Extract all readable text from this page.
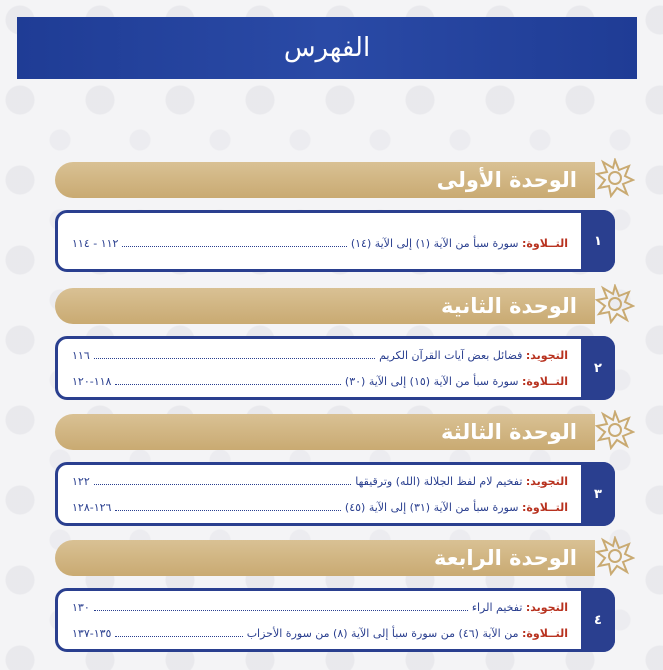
الفهرس
الوحدة الأولى
١
التــلاوة:

سورة سبأ من الآية (١) إلى الآية (١٤)
١١٢ - ١١٤
الوحدة الثانية
٢
التجويد:

فضائل بعض آيات القرآن الكريم
١١٦
التــلاوة:

سورة سبأ من الآية (١٥) إلى الآية (٣٠)
١١٨-١٢٠
الوحدة الثالثة
٣
التجويد:

تفخيم لام لفظ الجلالة (الله) وترقيقها
١٢٢
التــلاوة:

سورة سبأ من الآية (٣١) إلى الآية (٤٥)
١٢٦-١٢٨
الوحدة الرابعة
٤
التجويد:

تفخيم الراء
١٣٠
التــلاوة:

من الآية (٤٦) من سورة سبأ إلى الآية (٨) من سورة الأحزاب
١٣٥-١٣٧
